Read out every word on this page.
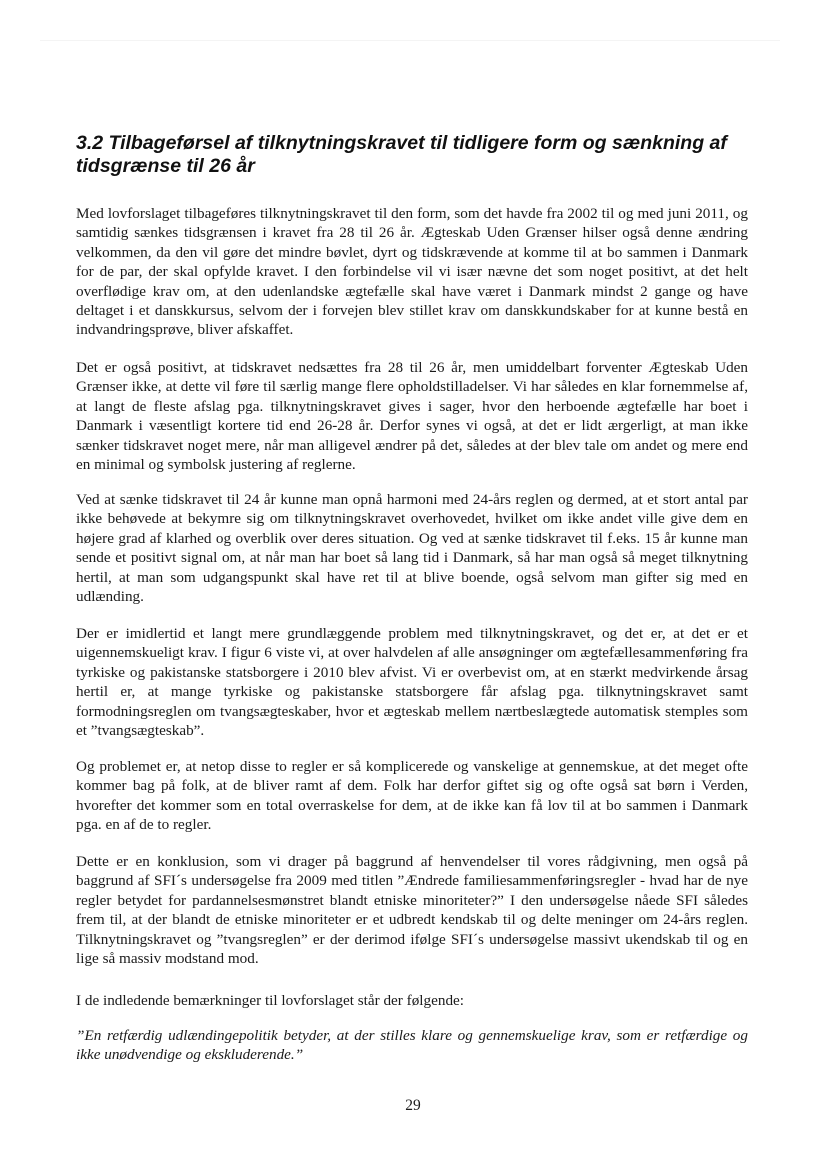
3.2 Tilbageførsel af tilknytningskravet til tidligere form og sænkning af tidsgrænse til 26 år

Med lovforslaget tilbageføres tilknytningskravet til den form, som det havde fra 2002 til og med juni 2011, og samtidig sænkes tidsgrænsen i kravet fra 28 til 26 år. Ægteskab Uden Grænser hilser også denne ændring velkommen, da den vil gøre det mindre bøvlet, dyrt og tidskrævende at komme til at bo sammen i Danmark for de par, der skal opfylde kravet. I den forbindelse vil vi især nævne det som noget positivt, at det helt overflødige krav om, at den udenlandske ægtefælle skal have været i Danmark mindst 2 gange og have deltaget i et danskkursus, selvom der i forvejen blev stillet krav om danskkundskaber for at kunne bestå en indvandringsprøve, bliver afskaffet.

Det er også positivt, at tidskravet nedsættes fra 28 til 26 år, men umiddelbart forventer Ægteskab Uden Grænser ikke, at dette vil føre til særlig mange flere opholdstilladelser. Vi har således en klar fornemmelse af, at langt de fleste afslag pga. tilknytningskravet gives i sager, hvor den herboende ægtefælle har boet i Danmark i væsentligt kortere tid end 26-28 år. Derfor synes vi også, at det er lidt ærgerligt, at man ikke sænker tidskravet noget mere, når man alligevel ændrer på det, således at der blev tale om andet og mere end en minimal og symbolsk justering af reglerne.

Ved at sænke tidskravet til 24 år kunne man opnå harmoni med 24-års reglen og dermed, at et stort antal par ikke behøvede at bekymre sig om tilknytningskravet overhovedet, hvilket om ikke andet ville give dem en højere grad af klarhed og overblik over deres situation. Og ved at sænke tidskravet til f.eks. 15 år kunne man sende et positivt signal om, at når man har boet så lang tid i Danmark, så har man også så meget tilknytning hertil, at man som udgangspunkt skal have ret til at blive boende, også selvom man gifter sig med en udlænding.

Der er imidlertid et langt mere grundlæggende problem med tilknytningskravet, og det er, at det er et uigennemskueligt krav. I figur 6 viste vi, at over halvdelen af alle ansøgninger om ægtefællesammenføring fra tyrkiske og pakistanske statsborgere i 2010 blev afvist. Vi er overbevist om, at en stærkt medvirkende årsag hertil er, at mange tyrkiske og pakistanske statsborgere får afslag pga. tilknytningskravet samt formodningsreglen om tvangsægteskaber, hvor et ægteskab mellem nærtbeslægtede automatisk stemples som et ”tvangsægteskab”.

Og problemet er, at netop disse to regler er så komplicerede og vanskelige at gennemskue, at det meget ofte kommer bag på folk, at de bliver ramt af dem. Folk har derfor giftet sig og ofte også sat børn i Verden, hvorefter det kommer som en total overraskelse for dem, at de ikke kan få lov til at bo sammen i Danmark pga. en af de to regler.

Dette er en konklusion, som vi drager på baggrund af henvendelser til vores rådgivning, men også på baggrund af SFI´s undersøgelse fra 2009 med titlen ”Ændrede familiesammenføringsregler - hvad har de nye regler betydet for pardannelsesmønstret blandt etniske minoriteter?” I den undersøgelse nåede SFI således frem til, at der blandt de etniske minoriteter er et udbredt kendskab til og delte meninger om 24-års reglen. Tilknytningskravet og ”tvangsreglen” er der derimod ifølge SFI´s undersøgelse massivt ukendskab til og en lige så massiv modstand mod.

I de indledende bemærkninger til lovforslaget står der følgende:

”En retfærdig udlændingepolitik betyder, at der stilles klare og gennemskuelige krav, som er retfærdige og ikke unødvendige og ekskluderende.”

29
